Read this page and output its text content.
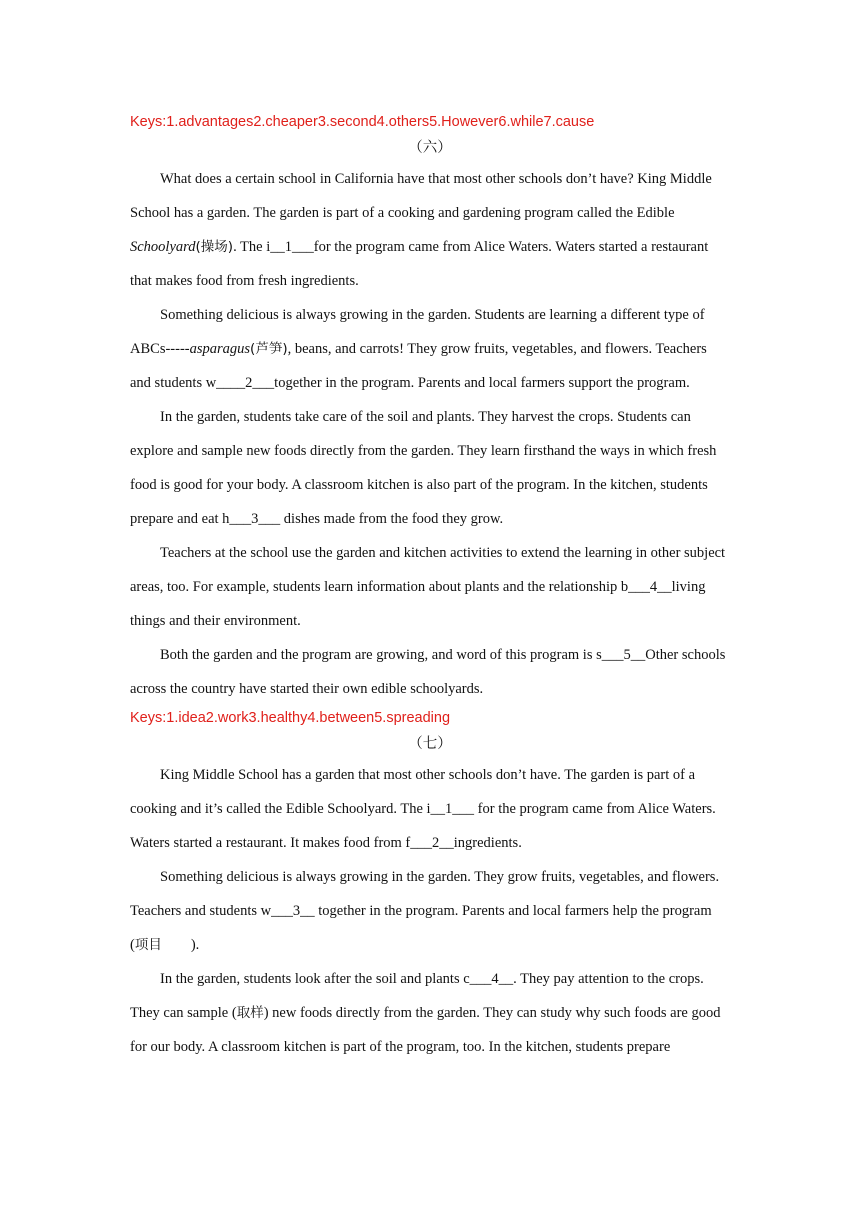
Keys:1.advantages2.cheaper3.second4.others5.However6.while7.cause
（六）

What does a certain school in California have that most other schools don’t have? King Middle School has a garden. The garden is part of a cooking and gardening program called the Edible Schoolyard(操场). The i__1___for the program came from Alice Waters. Waters started a restaurant that makes food from fresh ingredients.

Something delicious is always growing in the garden. Students are learning a different type of ABCs-----asparagus(芦笋), beans, and carrots! They grow fruits, vegetables, and flowers. Teachers and students w____2___together in the program. Parents and local farmers support the program.

In the garden, students take care of the soil and plants. They harvest the crops. Students can explore and sample new foods directly from the garden. They learn firsthand the ways in which fresh food is good for your body. A classroom kitchen is also part of the program. In the kitchen, students prepare and eat h___3___ dishes made from the food they grow.

Teachers at the school use the garden and kitchen activities to extend the learning in other subject areas, too. For example, students learn information about plants and the relationship b___4__living things and their environment.

Both the garden and the program are growing, and word of this program is s___5__Other schools across the country have started their own edible schoolyards.

Keys:1.idea2.work3.healthy4.between5.spreading
（七）

King Middle School has a garden that most other schools don’t have. The garden is part of a cooking and it’s called the Edible Schoolyard. The i__1___ for the program came from Alice Waters. Waters started a restaurant. It makes food from f___2__ingredients.

Something delicious is always growing in the garden. They grow fruits, vegetables, and flowers. Teachers and students w___3__ together in the program. Parents and local farmers help the program (项目        ).

In the garden, students look after the soil and plants c___4__. They pay attention to the crops. They can sample (取样) new foods directly from the garden. They can study why such foods are good for our body. A classroom kitchen is part of the program, too. In the kitchen, students prepare
